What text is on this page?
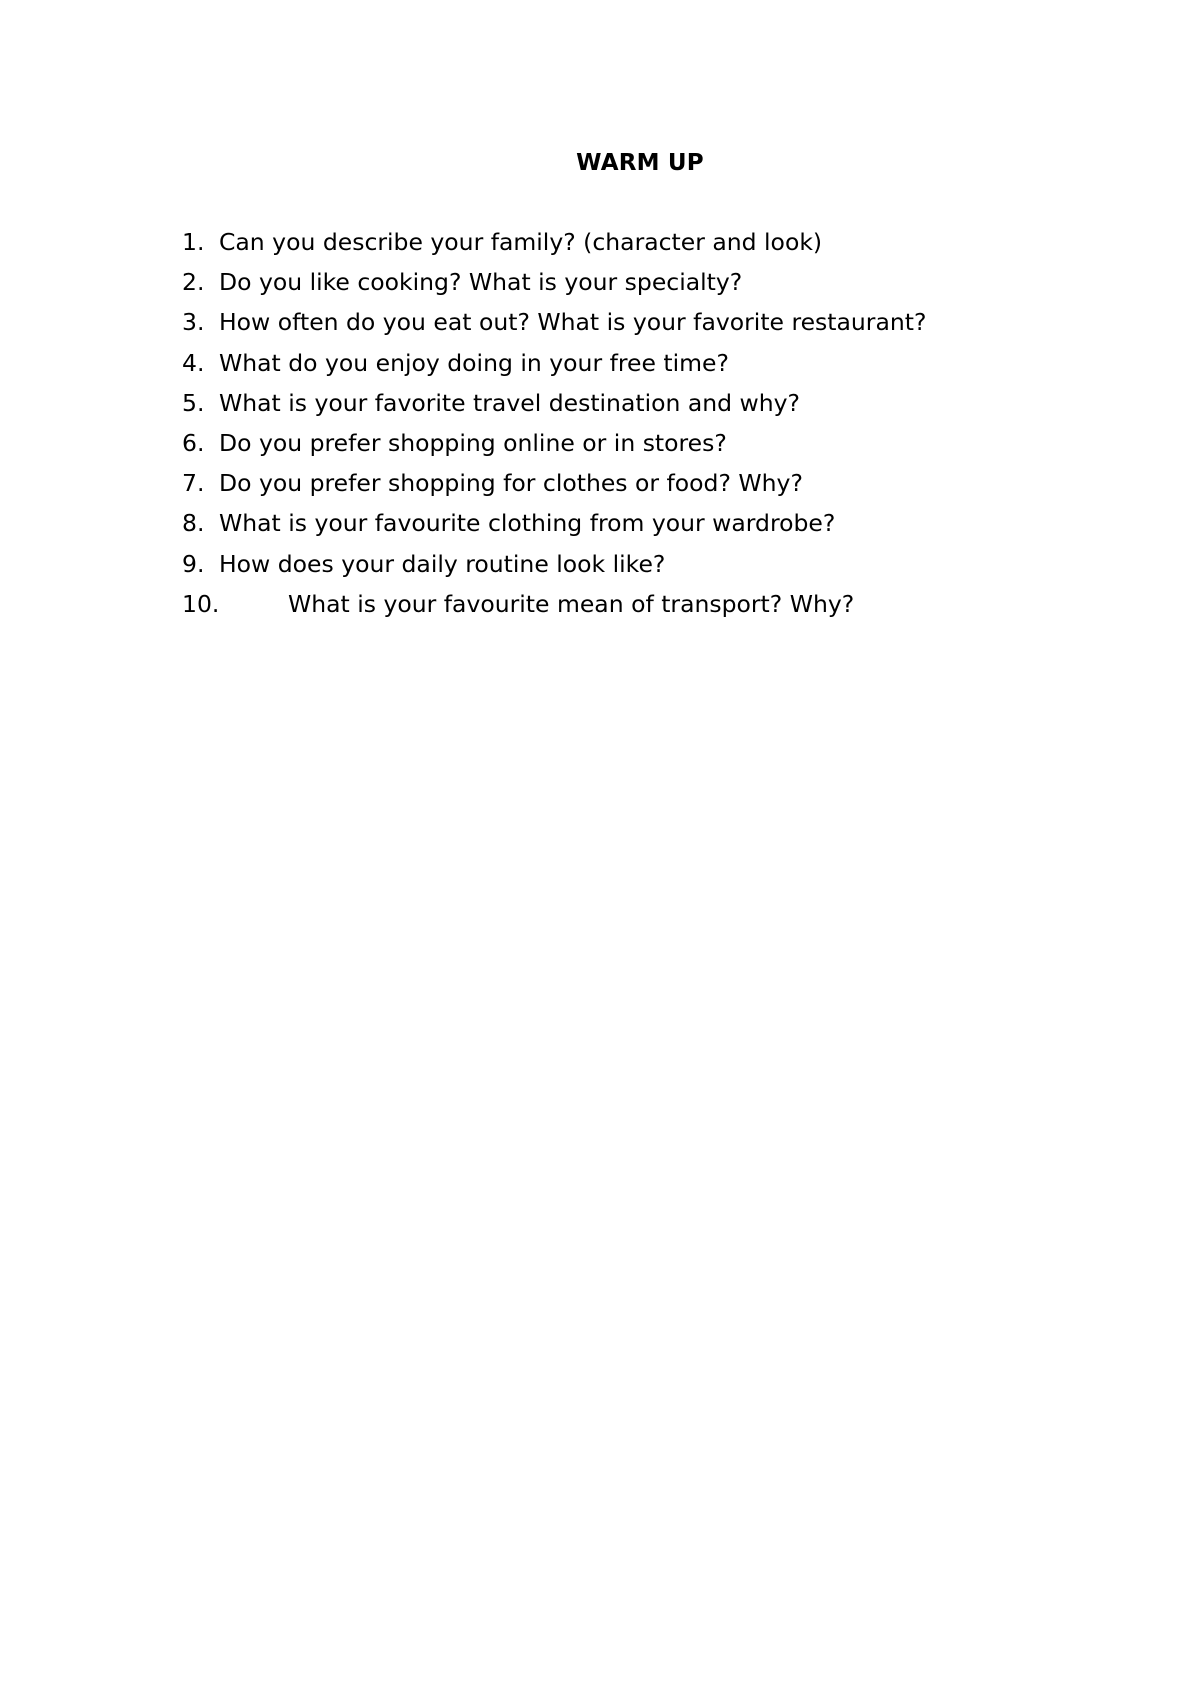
WARM UP
1. Can you describe your family? (character and look)
2. Do you like cooking? What is your specialty?
3. How often do you eat out? What is your favorite restaurant?
4. What do you enjoy doing in your free time?
5. What is your favorite travel destination and why?
6. Do you prefer shopping online or in stores?
7. Do you prefer shopping for clothes or food? Why?
8. What is your favourite clothing from your wardrobe?
9. How does your daily routine look like?
10.	What is your favourite mean of transport? Why?
